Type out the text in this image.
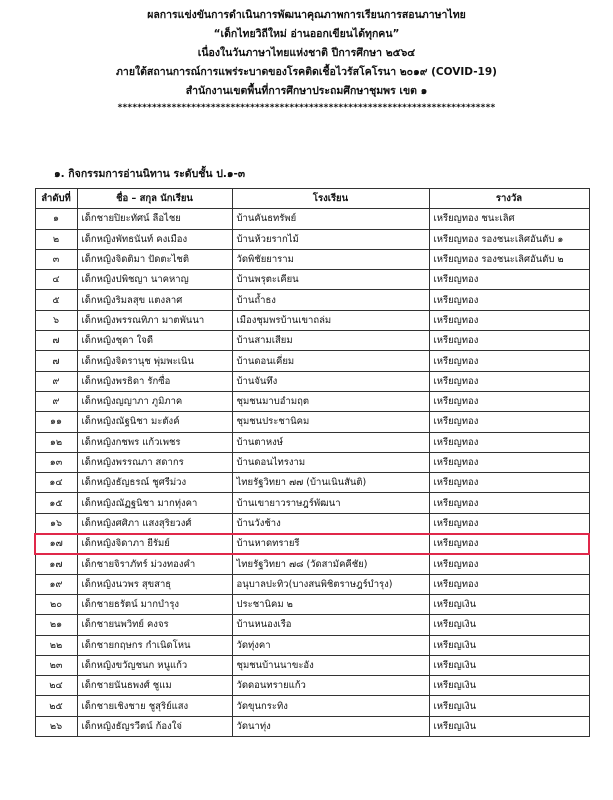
ผลการแข่งขันการดำเนินการพัฒนาคุณภาพการเรียนการสอนภาษาไทย
“เด็กไทยวิถีใหม่ อ่านออกเขียนได้ทุกคน”
เนื่องในวันภาษาไทยแห่งชาติ ปีการศึกษา ๒๕๖๔
ภายใต้สถานการณ์การแพร่ระบาดของโรคติดเชื้อไวรัสโคโรนา ๒๐๑๙ (COVID-19)
สำนักงานเขตพื้นที่การศึกษาประถมศึกษาชุมพร เขต ๑
*****************************************************************************
๑. กิจกรรมการอ่านนิทาน ระดับชั้น ป.๑-๓
ลำดับที่	ชื่อ – สกุล นักเรียน	โรงเรียน	รางวัล
๑	เด็กชายปิยะทัศน์ ลือไชย	บ้านคันธทรัพย์	เหรียญทอง ชนะเลิศ
๒	เด็กหญิงพัทธนันท์ คงเมือง	บ้านห้วยรากไม้	เหรียญทอง รองชนะเลิศอันดับ ๑
๓	เด็กหญิงจิดติมา ปัดตะไชติ	วัดพิชัยยาราม	เหรียญทอง รองชนะเลิศอันดับ ๒
๔	เด็กหญิงปพิชญา นาคหาญ	บ้านพรุตะเคียน	เหรียญทอง
๕	เด็กหญิงริมลสุข แตงลาศ	บ้านถ้ำธง	เหรียญทอง
๖	เด็กหญิงพรรณทิภา มาตพันนา	เมืองชุมพรบ้านเขาถล่ม	เหรียญทอง
๗	เด็กหญิงชุดา ใจดี	บ้านสามเสียม	เหรียญทอง
๗	เด็กหญิงจิดรานุช พุ่มพะเนิน	บ้านดอนเคี่ยม	เหรียญทอง
๙	เด็กหญิงพรธิดา รักซื่อ	บ้านจันทึง	เหรียญทอง
๙	เด็กหญิงญญาภา ภูมิภาค	ชุมชนมาบอำมฤต	เหรียญทอง
๑๑	เด็กหญิงณัฐนิชา มะตังค์	ชุมชนประชานิคม	เหรียญทอง
๑๒	เด็กหญิงกชพร แก้วเพชร	บ้านตาหงษ์	เหรียญทอง
๑๓	เด็กหญิงพรรณภา สดากร	บ้านดอนไทรงาม	เหรียญทอง
๑๔	เด็กหญิงธัญธรณ์ ชูศรีม่วง	ไทยรัฐวิทยา ๗๗ (บ้านเนินสันติ)	เหรียญทอง
๑๕	เด็กหญิงณัฏฐนิชา มากทุ่งคา	บ้านเขายาวราษฎร์พัฒนา	เหรียญทอง
๑๖	เด็กหญิงศศิภา แสงสุริยวงศ์	บ้านวังช้าง	เหรียญทอง
๑๗	เด็กหญิงจิดาภา ยีรัมย์	บ้านหาดทรายรี	เหรียญทอง
๑๗	เด็กชายจิราภัทร์ ม่วงทองคำ	ไทยรัฐวิทยา ๗๘ (วัดสามัคคีชัย)	เหรียญทอง
๑๙	เด็กหญิงนวพร สุขสาธุ	อนุบาลปะทิว(บางสนพิชิตราษฎร์บำรุง)	เหรียญทอง
๒๐	เด็กชายธรัตน์ มากบำรุง	ประชานิคม ๒	เหรียญเงิน
๒๑	เด็กชายนพวิทย์ คงจร	บ้านหนองเรือ	เหรียญเงิน
๒๒	เด็กชายกฤษกร กำเนิดโหน	วัดทุ่งคา	เหรียญเงิน
๒๓	เด็กหญิงขวัญชนก หนูแก้ว	ชุมชนบ้านนาขะอัง	เหรียญเงิน
๒๔	เด็กชายนันธพงศ์ ชูแม	วัดดอนทรายแก้ว	เหรียญเงิน
๒๕	เด็กชายเชิงชาย ชูสุริย์แสง	วัดขุนกระทิง	เหรียญเงิน
๒๖	เด็กหญิงธัญรวีตน์ ก้องใจ่	วัดนาทุ่ง	เหรียญเงิน
